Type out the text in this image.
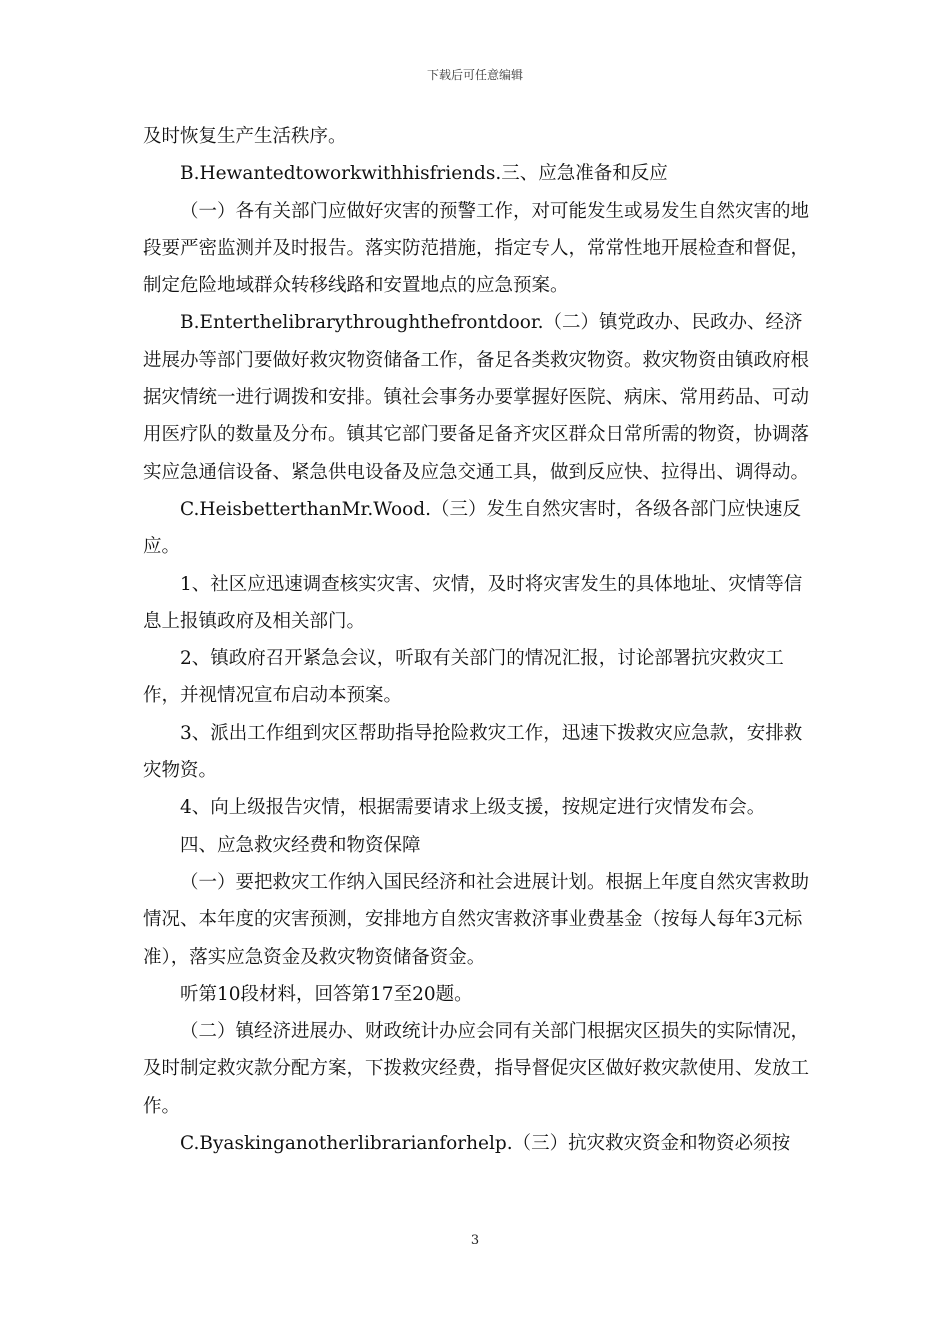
下载后可任意编辑

及时恢复生产生活秩序。

B.Hewantedtoworkwithhisfriends.三、应急准备和反应

（一）各有关部门应做好灾害的预警工作，对可能发生或易发生自然灾害的地段要严密监测并及时报告。落实防范措施，指定专人，常常性地开展检查和督促，制定危险地域群众转移线路和安置地点的应急预案。

B.Enterthelibrarythroughthefrontdoor.（二）镇党政办、民政办、经济进展办等部门要做好救灾物资储备工作，备足各类救灾物资。救灾物资由镇政府根据灾情统一进行调拨和安排。镇社会事务办要掌握好医院、病床、常用药品、可动用医疗队的数量及分布。镇其它部门要备足备齐灾区群众日常所需的物资，协调落实应急通信设备、紧急供电设备及应急交通工具，做到反应快、拉得出、调得动。

C.HeisbetterthanMr.Wood.（三）发生自然灾害时，各级各部门应快速反应。

1、社区应迅速调查核实灾害、灾情，及时将灾害发生的具体地址、灾情等信息上报镇政府及相关部门。

2、镇政府召开紧急会议，听取有关部门的情况汇报，讨论部署抗灾救灾工作，并视情况宣布启动本预案。

3、派出工作组到灾区帮助指导抢险救灾工作，迅速下拨救灾应急款，安排救灾物资。

4、向上级报告灾情，根据需要请求上级支援，按规定进行灾情发布会。

四、应急救灾经费和物资保障

（一）要把救灾工作纳入国民经济和社会进展计划。根据上年度自然灾害救助情况、本年度的灾害预测，安排地方自然灾害救济事业费基金（按每人每年3元标准），落实应急资金及救灾物资储备资金。

听第10段材料，回答第17至20题。

（二）镇经济进展办、财政统计办应会同有关部门根据灾区损失的实际情况，及时制定救灾款分配方案，下拨救灾经费，指导督促灾区做好救灾款使用、发放工作。

C.Byaskinganotherlibrarianforhelp.（三）抗灾救灾资金和物资必须按

3
